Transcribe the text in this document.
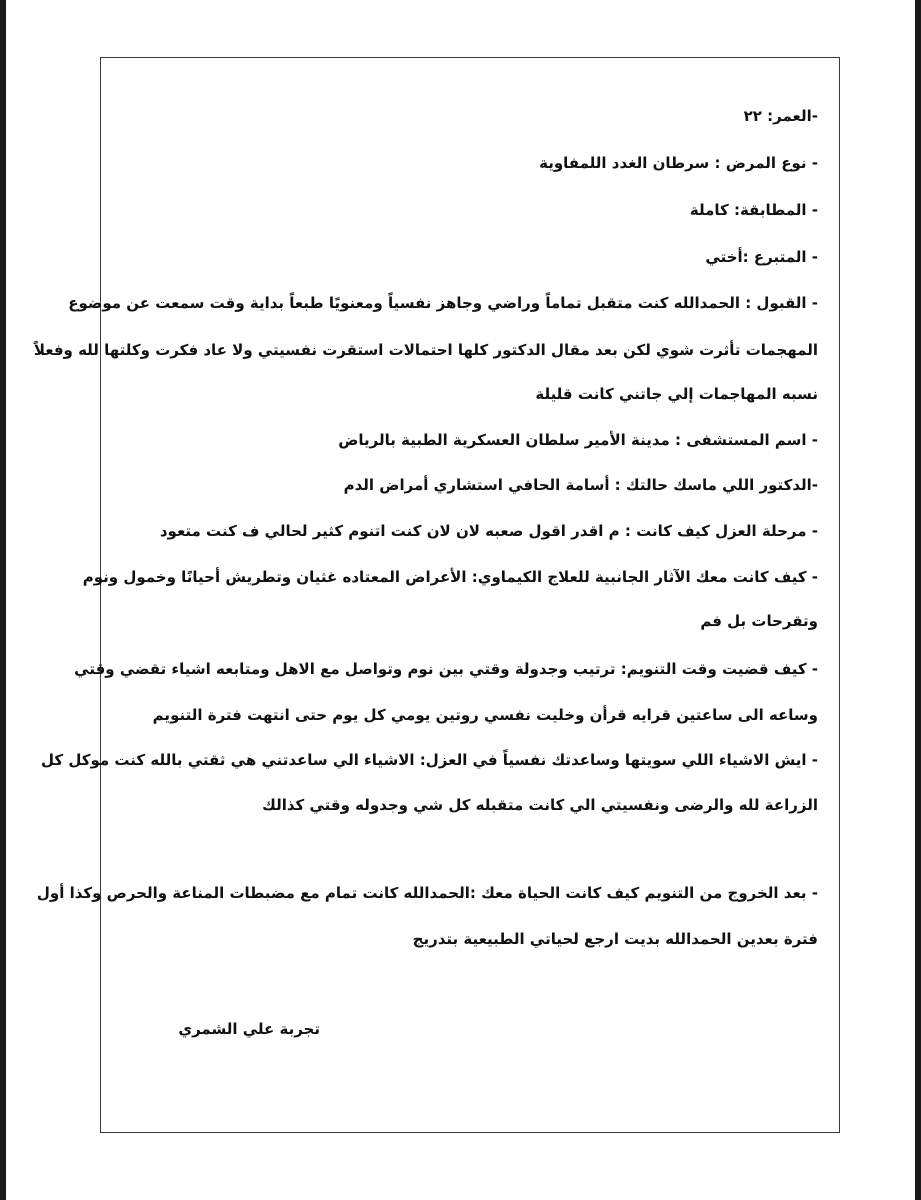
-العمر: ٢٢
- نوع المرض : سرطان الغدد اللمفاوية
- المطابقة: كاملة
- المتبرع :أختي
- القبول : الحمدالله كنت متقبل تماماً وراضي وجاهز نفسياً ومعنويًا طبعاً بداية وقت سمعت عن موضوع
المهجمات تأثرت شوي لكن بعد مقال الدكتور كلها احتمالات استقرت نفسيتي ولا عاد فكرت وكلتها لله وفعلاً
نسبه المهاجمات إلي جاتني كانت قليلة
- اسم المستشفى : مدينة الأمير سلطان العسكرية الطبية بالرياض
-الدكتور اللي ماسك حالتك : أسامة الحافي استشاري أمراض الدم
- مرحلة العزل كيف كانت : م اقدر اقول صعبه لان لان كنت اتنوم كثير لحالي ف كنت متعود
- كيف كانت معك الآثار الجانبية للعلاج الكيماوي: الأعراض المعتاده غثيان وتطريش أحيانًا وخمول ونوم
وتقرحات بل فم
- كيف قضيت وقت التنويم: ترتيب وجدولة وقتي بين نوم وتواصل مع الاهل ومتابعه اشياء تقضي وقتي
وساعه الى ساعتين قرايه قرأن وخليت نفسي روتين يومي كل يوم حتى انتهت فترة التنويم
- ايش الاشياء اللي سويتها وساعدتك نفسياً في العزل: الاشياء الي ساعدتني هي ثقتي بالله كنت موكل كل
الزراعة لله والرضى ونفسيتي الي كانت متقبله كل شي وجدوله وقتي كذالك
- بعد الخروج من التنويم كيف كانت الحياة معك :الحمدالله كانت تمام مع مضبطات المناعة والحرص وكذا أول
فترة بعدين الحمدالله بديت ارجع لحياتي الطبيعية بتدريج
تجربة علي الشمري
